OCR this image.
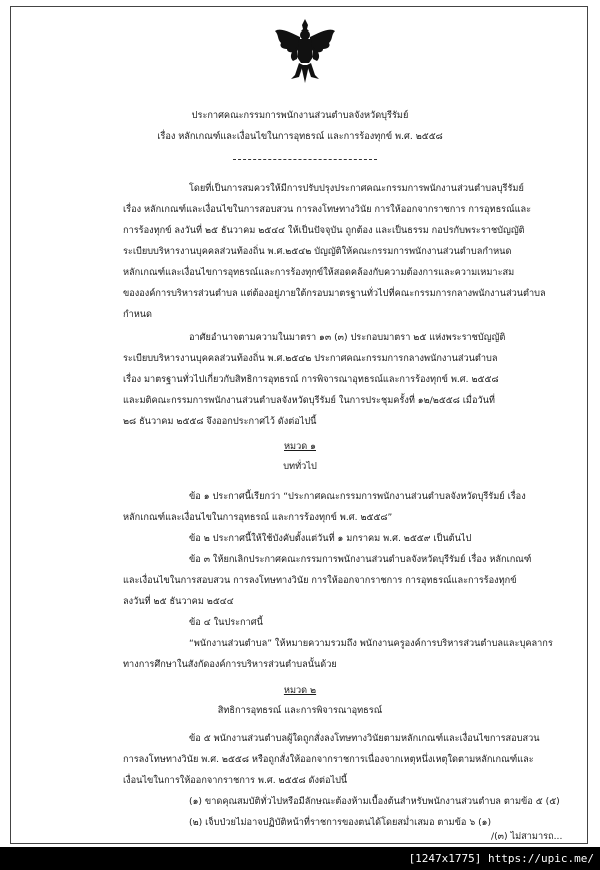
ประกาศคณะกรรมการพนักงานส่วนตำบลจังหวัดบุรีรัมย์
เรื่อง หลักเกณฑ์และเงื่อนไขในการอุทธรณ์ และการร้องทุกข์ พ.ศ. ๒๕๕๘
โดยที่เป็นการสมควรให้มีการปรับปรุงประกาศคณะกรรมการพนักงานส่วนตำบลบุรีรัมย์
เรื่อง หลักเกณฑ์และเงื่อนไขในการสอบสวน การลงโทษทางวินัย การให้ออกจากราชการ การอุทธรณ์และ
การร้องทุกข์ ลงวันที่ ๒๕ ธันวาคม ๒๕๔๔ ให้เป็นปัจจุบัน ถูกต้อง และเป็นธรรม กอปรกับพระราชบัญญัติ
ระเบียบบริหารงานบุคคลส่วนท้องถิ่น พ.ศ.๒๕๔๒ บัญญัติให้คณะกรรมการพนักงานส่วนตำบลกำหนด
หลักเกณฑ์และเงื่อนไขการอุทธรณ์และการร้องทุกข์ให้สอดคล้องกับความต้องการและความเหมาะสม
ขององค์การบริหารส่วนตำบล แต่ต้องอยู่ภายใต้กรอบมาตรฐานทั่วไปที่คณะกรรมการกลางพนักงานส่วนตำบล
กำหนด
อาศัยอำนาจตามความในมาตรา ๑๓ (๓) ประกอบมาตรา ๒๕ แห่งพระราชบัญญัติ
ระเบียบบริหารงานบุคคลส่วนท้องถิ่น พ.ศ.๒๕๔๒ ประกาศคณะกรรมการกลางพนักงานส่วนตำบล
เรื่อง มาตรฐานทั่วไปเกี่ยวกับสิทธิการอุทธรณ์ การพิจารณาอุทธรณ์และการร้องทุกข์ พ.ศ. ๒๕๕๘
และมติคณะกรรมการพนักงานส่วนตำบลจังหวัดบุรีรัมย์ ในการประชุมครั้งที่ ๑๒/๒๕๕๘ เมื่อวันที่
๒๘ ธันวาคม ๒๕๕๘ จึงออกประกาศไว้ ดังต่อไปนี้
หมวด ๑
บททั่วไป
ข้อ ๑ ประกาศนี้เรียกว่า “ประกาศคณะกรรมการพนักงานส่วนตำบลจังหวัดบุรีรัมย์ เรื่อง
หลักเกณฑ์และเงื่อนไขในการอุทธรณ์ และการร้องทุกข์ พ.ศ. ๒๕๕๘”
ข้อ ๒ ประกาศนี้ให้ใช้บังคับตั้งแต่วันที่ ๑ มกราคม พ.ศ. ๒๕๕๙ เป็นต้นไป
ข้อ ๓ ให้ยกเลิกประกาศคณะกรรมการพนักงานส่วนตำบลจังหวัดบุรีรัมย์ เรื่อง หลักเกณฑ์
และเงื่อนไขในการสอบสวน การลงโทษทางวินัย การให้ออกจากราชการ การอุทธรณ์และการร้องทุกข์
ลงวันที่ ๒๕ ธันวาคม ๒๕๔๔
ข้อ ๔ ในประกาศนี้
“พนักงานส่วนตำบล” ให้หมายความรวมถึง พนักงานครูองค์การบริหารส่วนตำบลและบุคลากร
ทางการศึกษาในสังกัดองค์การบริหารส่วนตำบลนั้นด้วย
หมวด ๒
สิทธิการอุทธรณ์ และการพิจารณาอุทธรณ์
ข้อ ๕ พนักงานส่วนตำบลผู้ใดถูกสั่งลงโทษทางวินัยตามหลักเกณฑ์และเงื่อนไขการสอบสวน
การลงโทษทางวินัย พ.ศ. ๒๕๕๘ หรือถูกสั่งให้ออกจากราชการเนื่องจากเหตุหนึ่งเหตุใดตามหลักเกณฑ์และ
เงื่อนไขในการให้ออกจากราชการ พ.ศ. ๒๕๕๘ ดังต่อไปนี้
(๑) ขาดคุณสมบัติทั่วไปหรือมีลักษณะต้องห้ามเบื้องต้นสำหรับพนักงานส่วนตำบล ตามข้อ ๕ (๕)
(๒) เจ็บป่วยไม่อาจปฏิบัติหน้าที่ราชการของตนได้โดยสม่ำเสมอ ตามข้อ ๖ (๑)
/(๓) ไม่สามารถ...
[1247x1775] https://upic.me/
